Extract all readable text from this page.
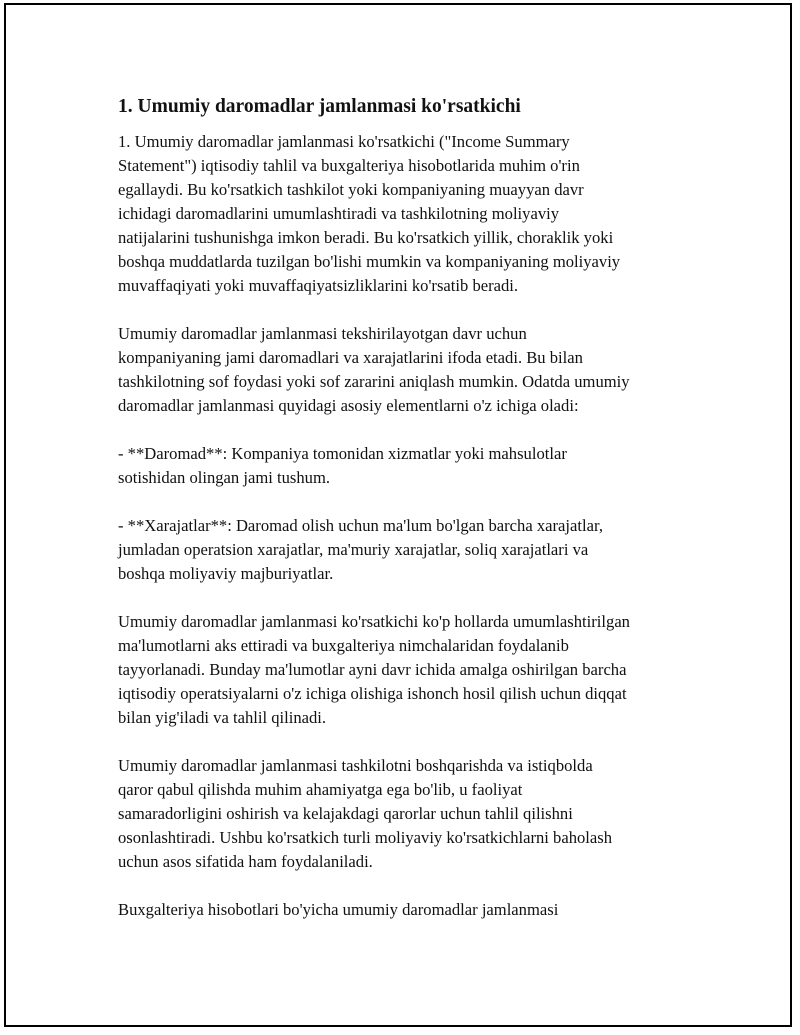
1. Umumiy daromadlar jamlanmasi ko'rsatkichi

1. Umumiy daromadlar jamlanmasi ko'rsatkichi ("Income Summary
Statement") iqtisodiy tahlil va buxgalteriya hisobotlarida muhim o'rin
egallaydi. Bu ko'rsatkich tashkilot yoki kompaniyaning muayyan davr
ichidagi daromadlarini umumlashtiradi va tashkilotning moliyaviy
natijalarini tushunishga imkon beradi. Bu ko'rsatkich yillik, choraklik yoki
boshqa muddatlarda tuzilgan bo'lishi mumkin va kompaniyaning moliyaviy
muvaffaqiyati yoki muvaffaqiyatsizliklarini ko'rsatib beradi.

Umumiy daromadlar jamlanmasi tekshirilayotgan davr uchun
kompaniyaning jami daromadlari va xarajatlarini ifoda etadi. Bu bilan
tashkilotning sof foydasi yoki sof zararini aniqlash mumkin. Odatda umumiy
daromadlar jamlanmasi quyidagi asosiy elementlarni o'z ichiga oladi:

- **Daromad**: Kompaniya tomonidan xizmatlar yoki mahsulotlar
sotishidan olingan jami tushum.

- **Xarajatlar**: Daromad olish uchun ma'lum bo'lgan barcha xarajatlar,
jumladan operatsion xarajatlar, ma'muriy xarajatlar, soliq xarajatlari va
boshqa moliyaviy majburiyatlar.

Umumiy daromadlar jamlanmasi ko'rsatkichi ko'p hollarda umumlashtirilgan
ma'lumotlarni aks ettiradi va buxgalteriya nimchalaridan foydalanib
tayyorlanadi. Bunday ma'lumotlar ayni davr ichida amalga oshirilgan barcha
iqtisodiy operatsiyalarni o'z ichiga olishiga ishonch hosil qilish uchun diqqat
bilan yig'iladi va tahlil qilinadi.

Umumiy daromadlar jamlanmasi tashkilotni boshqarishda va istiqbolda
qaror qabul qilishda muhim ahamiyatga ega bo'lib, u faoliyat
samaradorligini oshirish va kelajakdagi qarorlar uchun tahlil qilishni
osonlashtiradi. Ushbu ko'rsatkich turli moliyaviy ko'rsatkichlarni baholash
uchun asos sifatida ham foydalaniladi.

Buxgalteriya hisobotlari bo'yicha umumiy daromadlar jamlanmasi
